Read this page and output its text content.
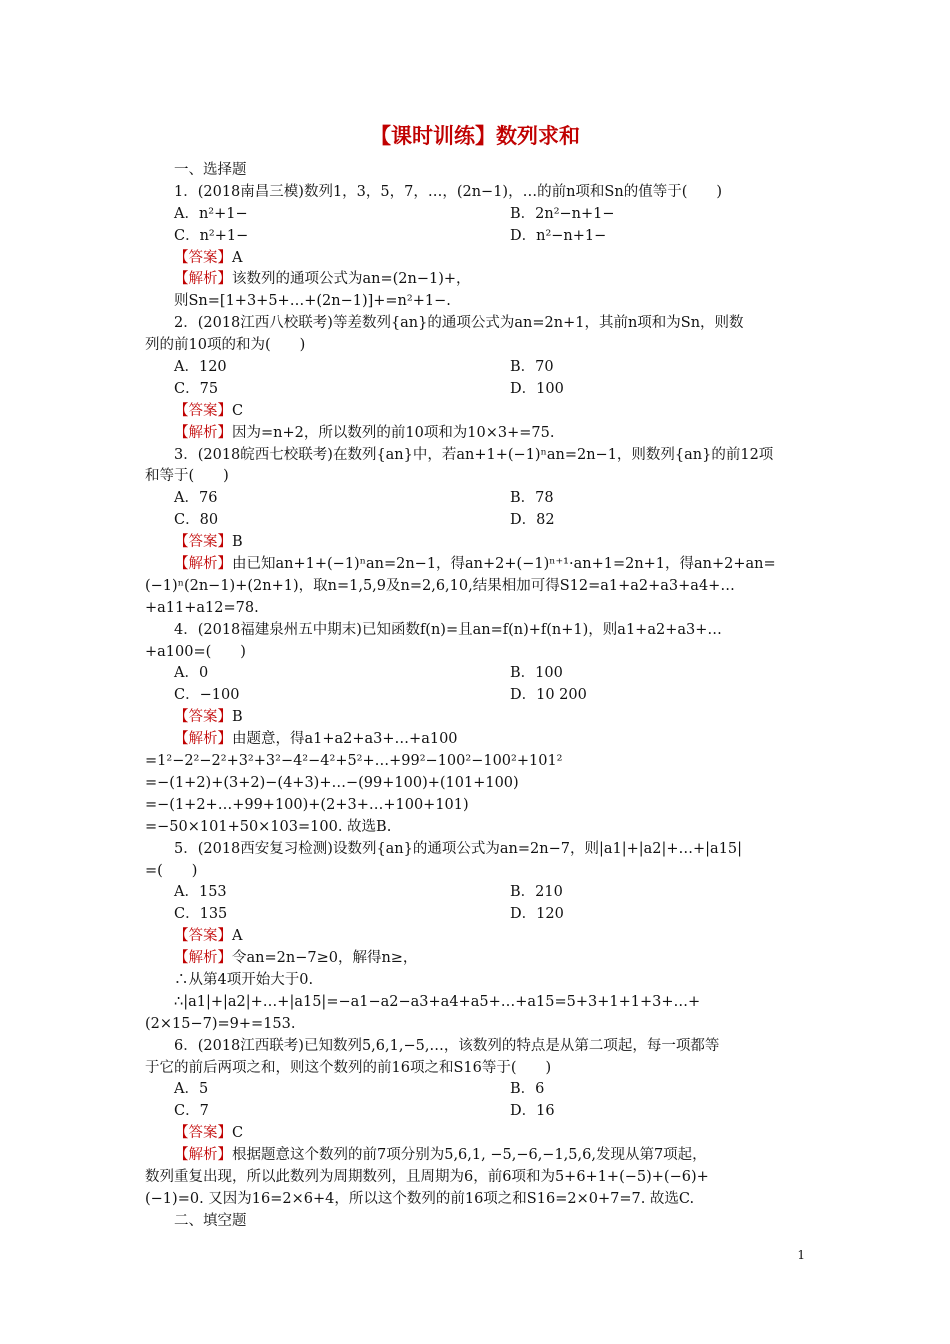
【课时训练】数列求和
一、选择题
1．(2018南昌三模)数列1，3，5，7，…，(2n−1)，…的前n项和Sn的值等于(　　)
A．n²+1−	B．2n²−n+1−
C．n²+1−	D．n²−n+1−
【答案】A
【解析】该数列的通项公式为an=(2n−1)+，
则Sn=[1+3+5+…+(2n−1)]+=n²+1−.
2．(2018江西八校联考)等差数列{an}的通项公式为an=2n+1，其前n项和为Sn，则数
列的前10项的和为(　　)
A．120	B．70
C．75	D．100
【答案】C
【解析】因为=n+2，所以数列的前10项和为10×3+=75.
3．(2018皖西七校联考)在数列{an}中，若an+1+(−1)ⁿan=2n−1，则数列{an}的前12项
和等于(　　)
A．76	B．78
C．80	D．82
【答案】B
【解析】由已知an+1+(−1)ⁿan=2n−1，得an+2+(−1)ⁿ⁺¹·an+1=2n+1，得an+2+an=
(−1)ⁿ(2n−1)+(2n+1)，取n=1,5,9及n=2,6,10,结果相加可得S12=a1+a2+a3+a4+…
+a11+a12=78.
4．(2018福建泉州五中期末)已知函数f(n)=且an=f(n)+f(n+1)，则a1+a2+a3+…
+a100=(　　)
A．0	B．100
C．−100	D．10 200
【答案】B
【解析】由题意，得a1+a2+a3+…+a100
=1²−2²−2²+3²+3²−4²−4²+5²+…+99²−100²−100²+101²
=−(1+2)+(3+2)−(4+3)+…−(99+100)+(101+100)
=−(1+2+…+99+100)+(2+3+…+100+101)
=−50×101+50×103=100. 故选B.
5．(2018西安复习检测)设数列{an}的通项公式为an=2n−7，则|a1|+|a2|+…+|a15|
=(　　)
A．153	B．210
C．135	D．120
【答案】A
【解析】令an=2n−7≥0，解得n≥，
∴从第4项开始大于0.
∴|a1|+|a2|+…+|a15|=−a1−a2−a3+a4+a5+…+a15=5+3+1+1+3+…+
(2×15−7)=9+=153.
6．(2018江西联考)已知数列5,6,1,−5,…，该数列的特点是从第二项起，每一项都等
于它的前后两项之和，则这个数列的前16项之和S16等于(　　)
A．5	B．6
C．7	D．16
【答案】C
【解析】根据题意这个数列的前7项分别为5,6,1, −5,−6,−1,5,6,发现从第7项起，
数列重复出现，所以此数列为周期数列，且周期为6，前6项和为5+6+1+(−5)+(−6)+
(−1)=0. 又因为16=2×6+4，所以这个数列的前16项之和S16=2×0+7=7. 故选C.
二、填空题
1
